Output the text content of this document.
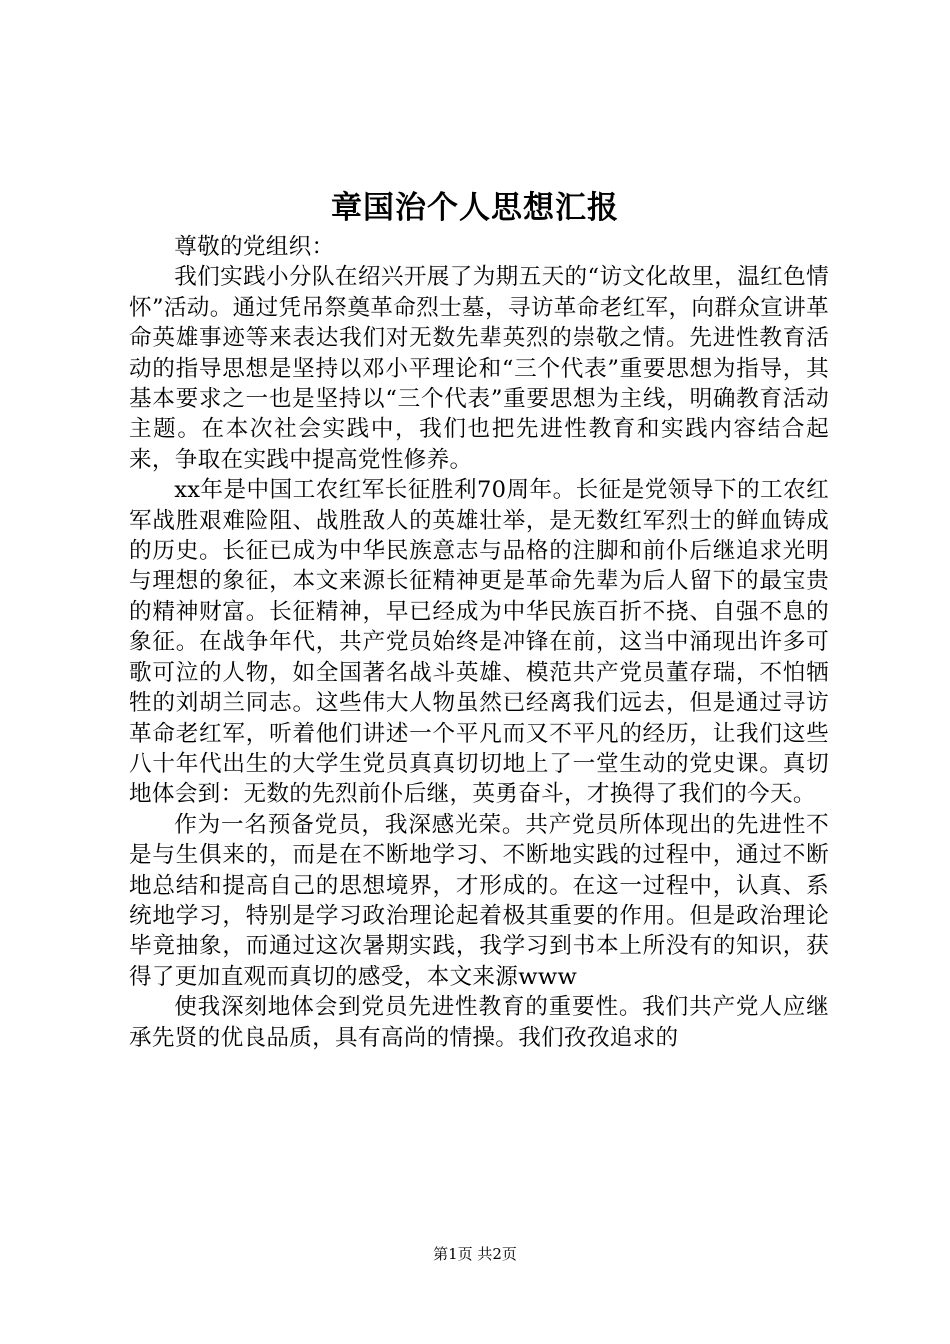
章国治个人思想汇报

尊敬的党组织：

我们实践小分队在绍兴开展了为期五天的“访文化故里，温红色情怀”活动。通过凭吊祭奠革命烈士墓，寻访革命老红军，向群众宣讲革命英雄事迹等来表达我们对无数先辈英烈的崇敬之情。先进性教育活动的指导思想是坚持以邓小平理论和“三个代表”重要思想为指导，其基本要求之一也是坚持以“三个代表”重要思想为主线，明确教育活动主题。在本次社会实践中，我们也把先进性教育和实践内容结合起来，争取在实践中提高党性修养。

xx年是中国工农红军长征胜利70周年。长征是党领导下的工农红军战胜艰难险阻、战胜敌人的英雄壮举，是无数红军烈士的鲜血铸成的历史。长征已成为中华民族意志与品格的注脚和前仆后继追求光明与理想的象征，本文来源长征精神更是革命先辈为后人留下的最宝贵的精神财富。长征精神，早已经成为中华民族百折不挠、自强不息的象征。在战争年代，共产党员始终是冲锋在前，这当中涌现出许多可歌可泣的人物，如全国著名战斗英雄、模范共产党员董存瑞，不怕牺牲的刘胡兰同志。这些伟大人物虽然已经离我们远去，但是通过寻访革命老红军，听着他们讲述一个平凡而又不平凡的经历，让我们这些八十年代出生的大学生党员真真切切地上了一堂生动的党史课。真切地体会到：无数的先烈前仆后继，英勇奋斗，才换得了我们的今天。

作为一名预备党员，我深感光荣。共产党员所体现出的先进性不是与生俱来的，而是在不断地学习、不断地实践的过程中，通过不断地总结和提高自己的思想境界，才形成的。在这一过程中，认真、系统地学习，特别是学习政治理论起着极其重要的作用。但是政治理论毕竟抽象，而通过这次暑期实践，我学习到书本上所没有的知识，获得了更加直观而真切的感受，本文来源www

使我深刻地体会到党员先进性教育的重要性。我们共产党人应继承先贤的优良品质，具有高尚的情操。我们孜孜追求的

第1页 共2页
